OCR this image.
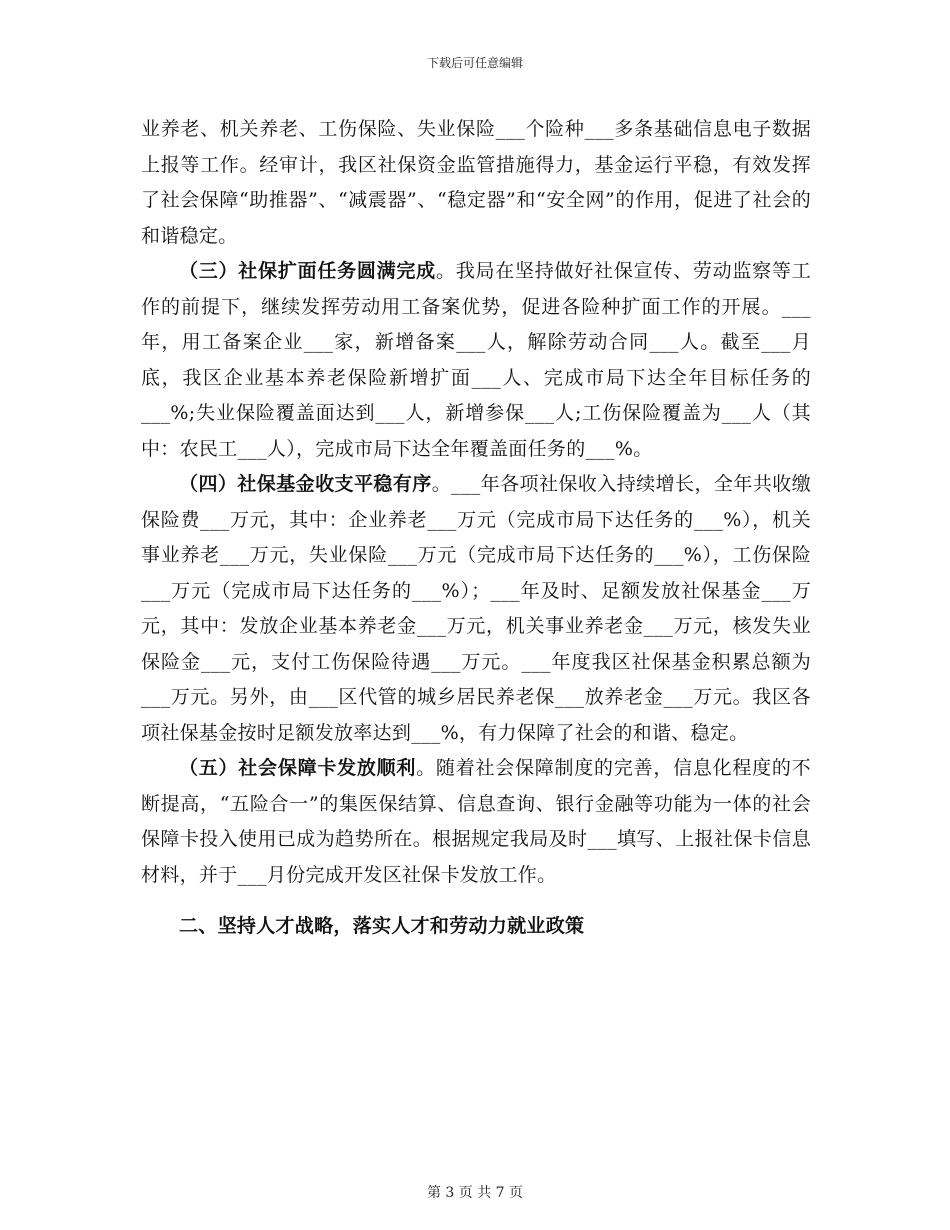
下载后可任意编辑

业养老、机关养老、工伤保险、失业保险___个险种___多条基础信息电子数据上报等工作。经审计，我区社保资金监管措施得力，基金运行平稳，有效发挥了社会保障“助推器”、“减震器”、“稳定器”和“安全网”的作用，促进了社会的和谐稳定。

（三）社保扩面任务圆满完成。我局在坚持做好社保宣传、劳动监察等工作的前提下，继续发挥劳动用工备案优势，促进各险种扩面工作的开展。___年，用工备案企业___家，新增备案___人，解除劳动合同___人。截至___月底，我区企业基本养老保险新增扩面___人、完成市局下达全年目标任务的___%;失业保险覆盖面达到___人，新增参保___人;工伤保险覆盖为___人（其中：农民工___人），完成市局下达全年覆盖面任务的___%。

（四）社保基金收支平稳有序。___年各项社保收入持续增长，全年共收缴保险费___万元，其中：企业养老___万元（完成市局下达任务的___%），机关事业养老___万元，失业保险___万元（完成市局下达任务的___%），工伤保险___万元（完成市局下达任务的___%）；___年及时、足额发放社保基金___万元，其中：发放企业基本养老金___万元，机关事业养老金___万元，核发失业保险金___元，支付工伤保险待遇___万元。___年度我区社保基金积累总额为___万元。另外，由___区代管的城乡居民养老保___放养老金___万元。我区各项社保基金按时足额发放率达到___%，有力保障了社会的和谐、稳定。

（五）社会保障卡发放顺利。随着社会保障制度的完善，信息化程度的不断提高，“五险合一”的集医保结算、信息查询、银行金融等功能为一体的社会保障卡投入使用已成为趋势所在。根据规定我局及时___填写、上报社保卡信息材料，并于___月份完成开发区社保卡发放工作。

二、坚持人才战略，落实人才和劳动力就业政策

第 3 页 共 7 页
